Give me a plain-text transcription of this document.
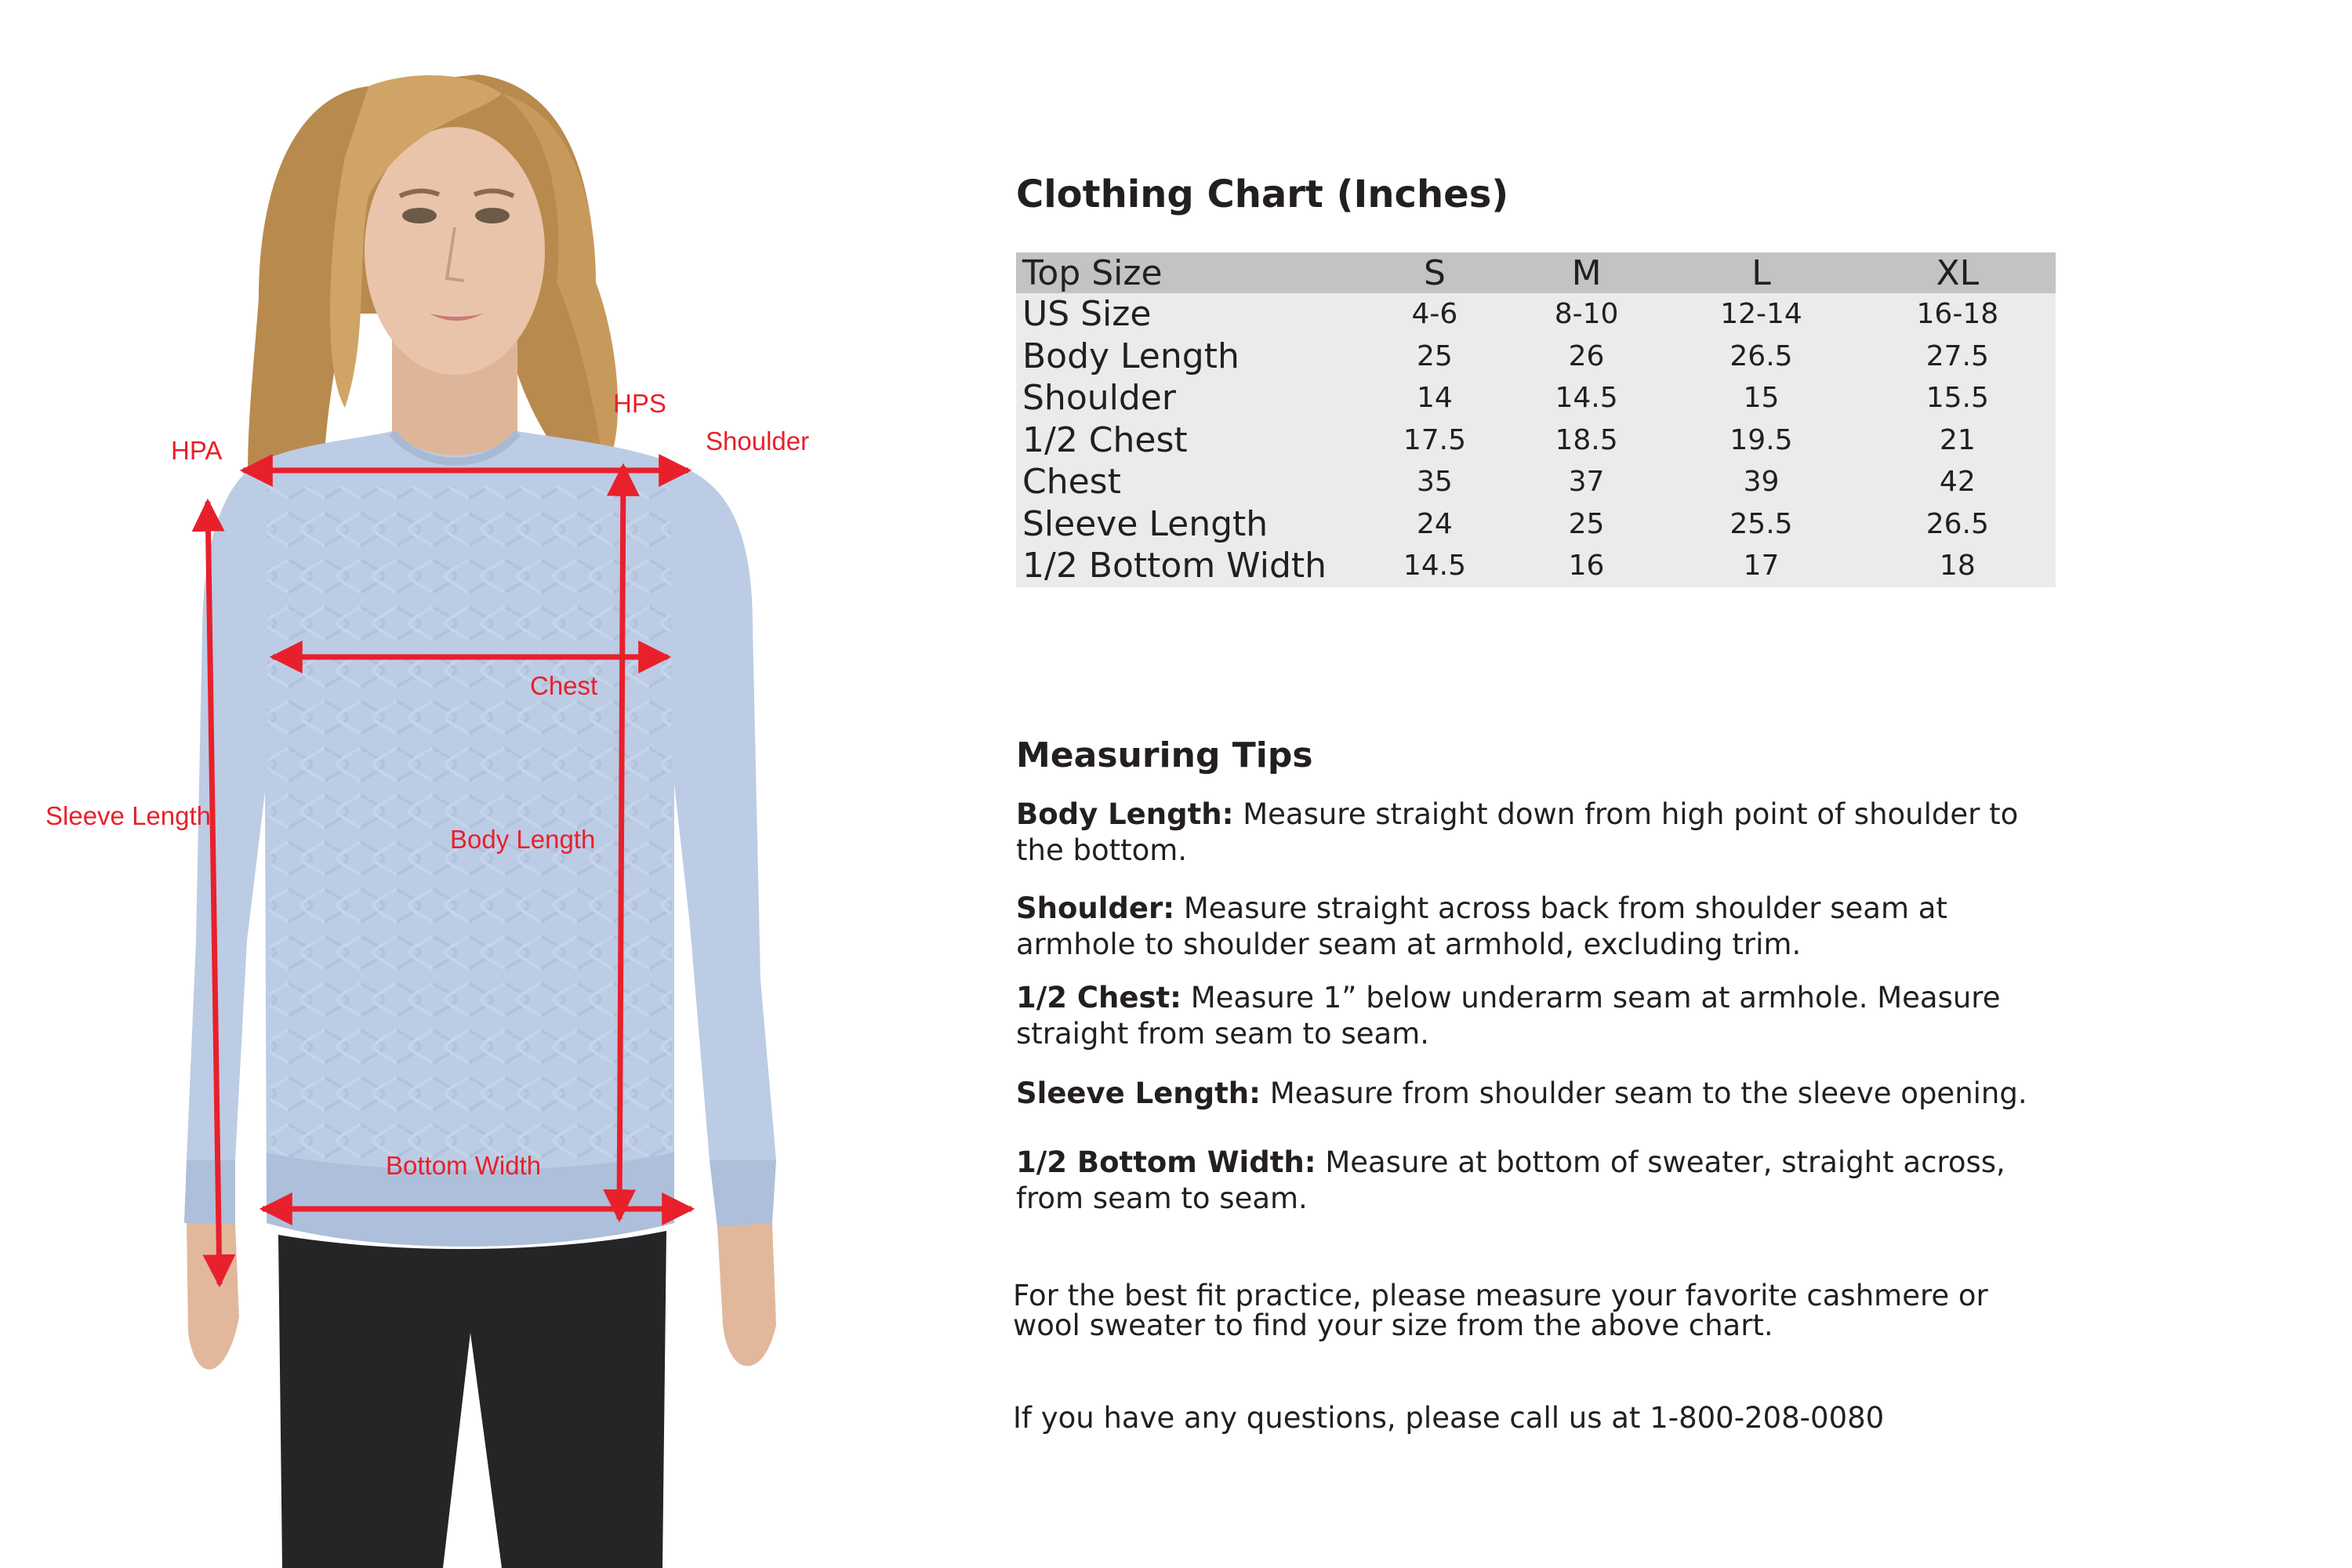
HPA
HPS
Shoulder
Chest
Sleeve Length
Body Length
Bottom Width
Clothing Chart (Inches)
Top Size	S	M	L	XL
US Size	4-6	8-10	12-14	16-18
Body Length	25	26	26.5	27.5
Shoulder	14	14.5	15	15.5
1/2 Chest	17.5	18.5	19.5	21
Chest	35	37	39	42
Sleeve Length	24	25	25.5	26.5
1/2 Bottom Width	14.5	16	17	18
Measuring Tips
Body Length: Measure straight down from high point of shoulder to the bottom.
Shoulder: Measure straight across back from shoulder seam at armhole to shoulder seam at armhold, excluding trim.
1/2 Chest: Measure 1” below underarm seam at armhole. Measure straight from seam to seam.
Sleeve Length: Measure from shoulder seam to the sleeve opening.
1/2 Bottom Width: Measure at bottom of sweater, straight across, from seam to seam.
For the best fit practice, please measure your favorite cashmere or wool sweater to find your size from the above chart.
If you have any questions, please call us at 1-800-208-0080
